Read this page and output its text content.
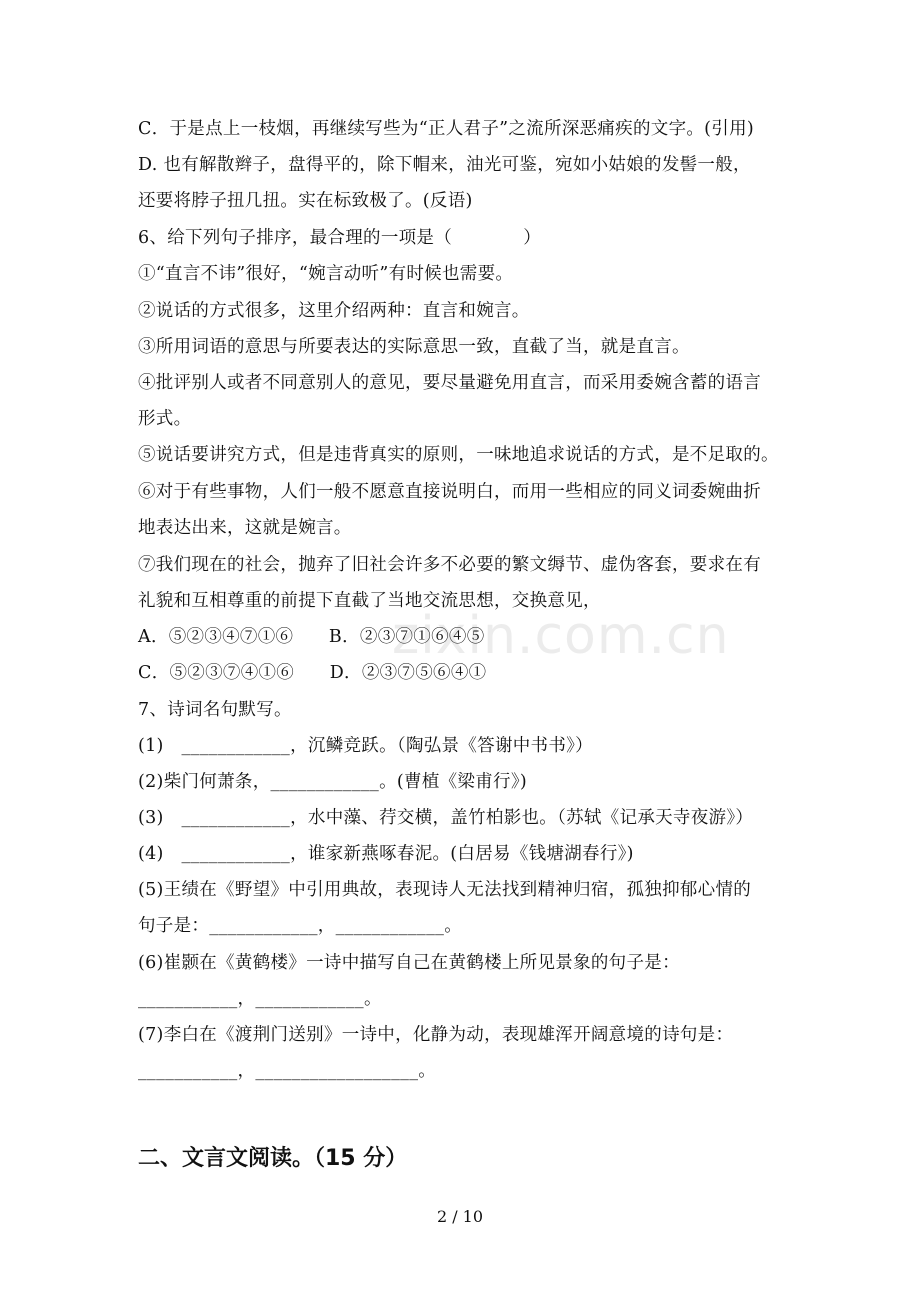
zixin.com.cn
C．于是点上一枝烟，再继续写些为“正人君子”之流所深恶痛疾的文字。(引用)
D. 也有解散辫子，盘得平的，除下帽来，油光可鉴，宛如小姑娘的发髻一般，
还要将脖子扭几扭。实在标致极了。(反语)
6、给下列句子排序，最合理的一项是（　　　　）
①“直言不讳”很好，“婉言动听”有时候也需要。
②说话的方式很多，这里介绍两种：直言和婉言。
③所用词语的意思与所要表达的实际意思一致，直截了当，就是直言。
④批评别人或者不同意别人的意见，要尽量避免用直言，而采用委婉含蓄的语言
形式。
⑤说话要讲究方式，但是违背真实的原则，一味地追求说话的方式，是不足取的。
⑥对于有些事物，人们一般不愿意直接说明白，而用一些相应的同义词委婉曲折
地表达出来，这就是婉言。
⑦我们现在的社会，抛弃了旧社会许多不必要的繁文缛节、虚伪客套，要求在有
礼貌和互相尊重的前提下直截了当地交流思想，交换意见，
A．⑤②③④⑦①⑥　　B．②③⑦①⑥④⑤
C．⑤②③⑦④①⑥　　D．②③⑦⑤⑥④①
7、诗词名句默写。
(1)　____________，沉鳞竞跃。（陶弘景《答谢中书书》）
(2)柴门何萧条，____________。(曹植《梁甫行》)
(3)　____________，水中藻、荇交横，盖竹柏影也。（苏轼《记承天寺夜游》）
(4)　____________，谁家新燕啄春泥。(白居易《钱塘湖春行》)
(5)王绩在《野望》中引用典故，表现诗人无法找到精神归宿，孤独抑郁心情的
句子是：____________，____________。
(6)崔颢在《黄鹤楼》一诗中描写自己在黄鹤楼上所见景象的句子是：
___________，____________。
(7)李白在《渡荆门送别》一诗中，化静为动，表现雄浑开阔意境的诗句是：
___________，__________________。
二、文言文阅读。（15 分）
2 / 10
